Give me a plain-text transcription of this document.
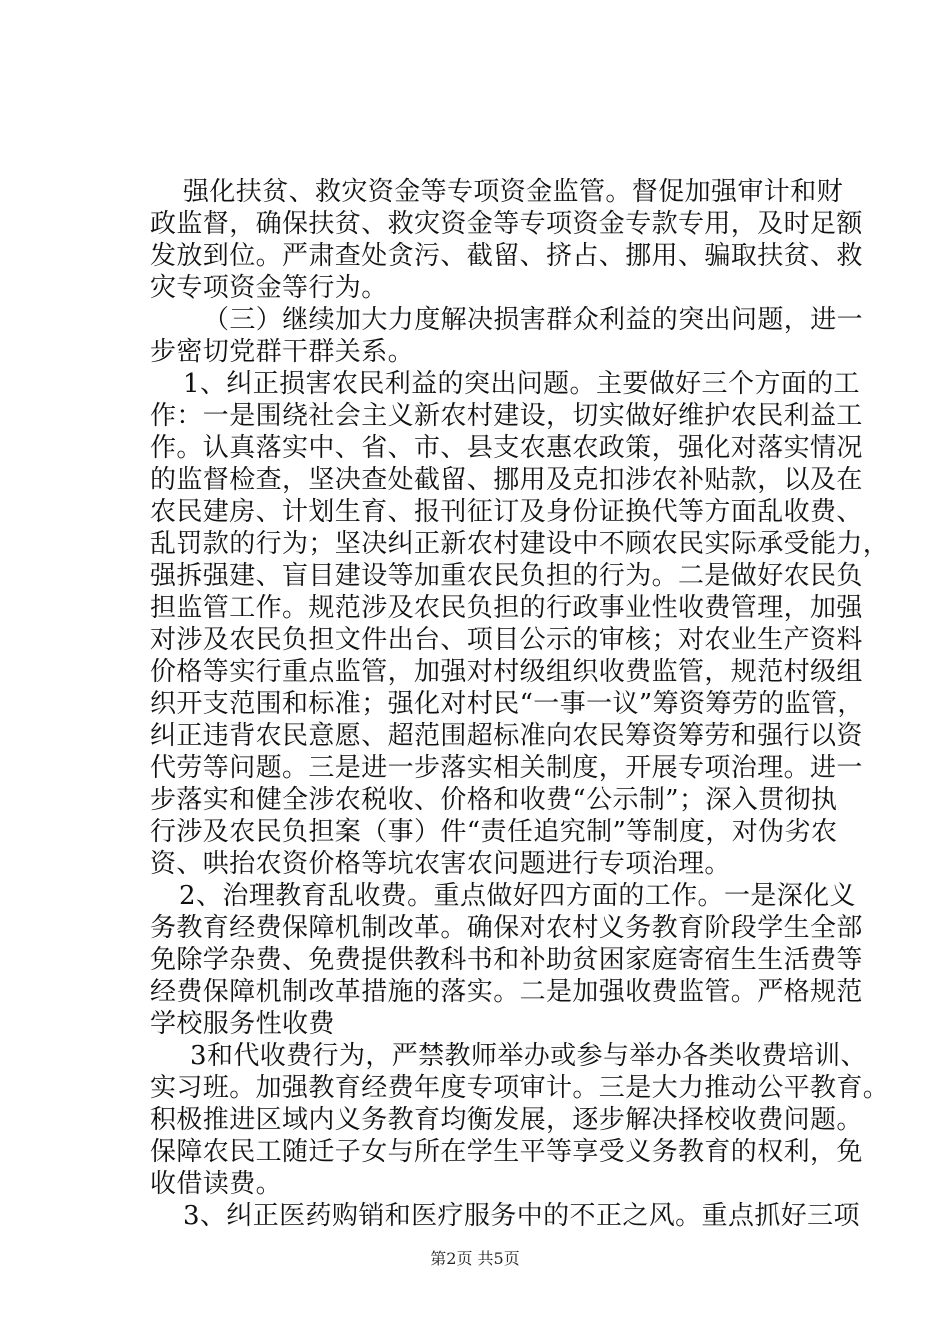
强化扶贫、救灾资金等专项资金监管。督促加强审计和财
政监督，确保扶贫、救灾资金等专项资金专款专用，及时足额
发放到位。严肃查处贪污、截留、挤占、挪用、骗取扶贫、救
灾专项资金等行为。
（三）继续加大力度解决损害群众利益的突出问题，进一
步密切党群干群关系。
1、纠正损害农民利益的突出问题。主要做好三个方面的工
作：一是围绕社会主义新农村建设，切实做好维护农民利益工
作。认真落实中、省、市、县支农惠农政策，强化对落实情况
的监督检查，坚决查处截留、挪用及克扣涉农补贴款，以及在
农民建房、计划生育、报刊征订及身份证换代等方面乱收费、
乱罚款的行为；坚决纠正新农村建设中不顾农民实际承受能力，
强拆强建、盲目建设等加重农民负担的行为。二是做好农民负
担监管工作。规范涉及农民负担的行政事业性收费管理，加强
对涉及农民负担文件出台、项目公示的审核；对农业生产资料
价格等实行重点监管，加强对村级组织收费监管，规范村级组
织开支范围和标准；强化对村民“一事一议”筹资筹劳的监管，
纠正违背农民意愿、超范围超标准向农民筹资筹劳和强行以资
代劳等问题。三是进一步落实相关制度，开展专项治理。进一
步落实和健全涉农税收、价格和收费“公示制”；深入贯彻执
行涉及农民负担案（事）件“责任追究制”等制度，对伪劣农
资、哄抬农资价格等坑农害农问题进行专项治理。
2、治理教育乱收费。重点做好四方面的工作。一是深化义
务教育经费保障机制改革。确保对农村义务教育阶段学生全部
免除学杂费、免费提供教科书和补助贫困家庭寄宿生生活费等
经费保障机制改革措施的落实。二是加强收费监管。严格规范
学校服务性收费
3和代收费行为，严禁教师举办或参与举办各类收费培训、
实习班。加强教育经费年度专项审计。三是大力推动公平教育。
积极推进区域内义务教育均衡发展，逐步解决择校收费问题。
保障农民工随迁子女与所在学生平等享受义务教育的权利，免
收借读费。
3、纠正医药购销和医疗服务中的不正之风。重点抓好三项
第2页 共5页
